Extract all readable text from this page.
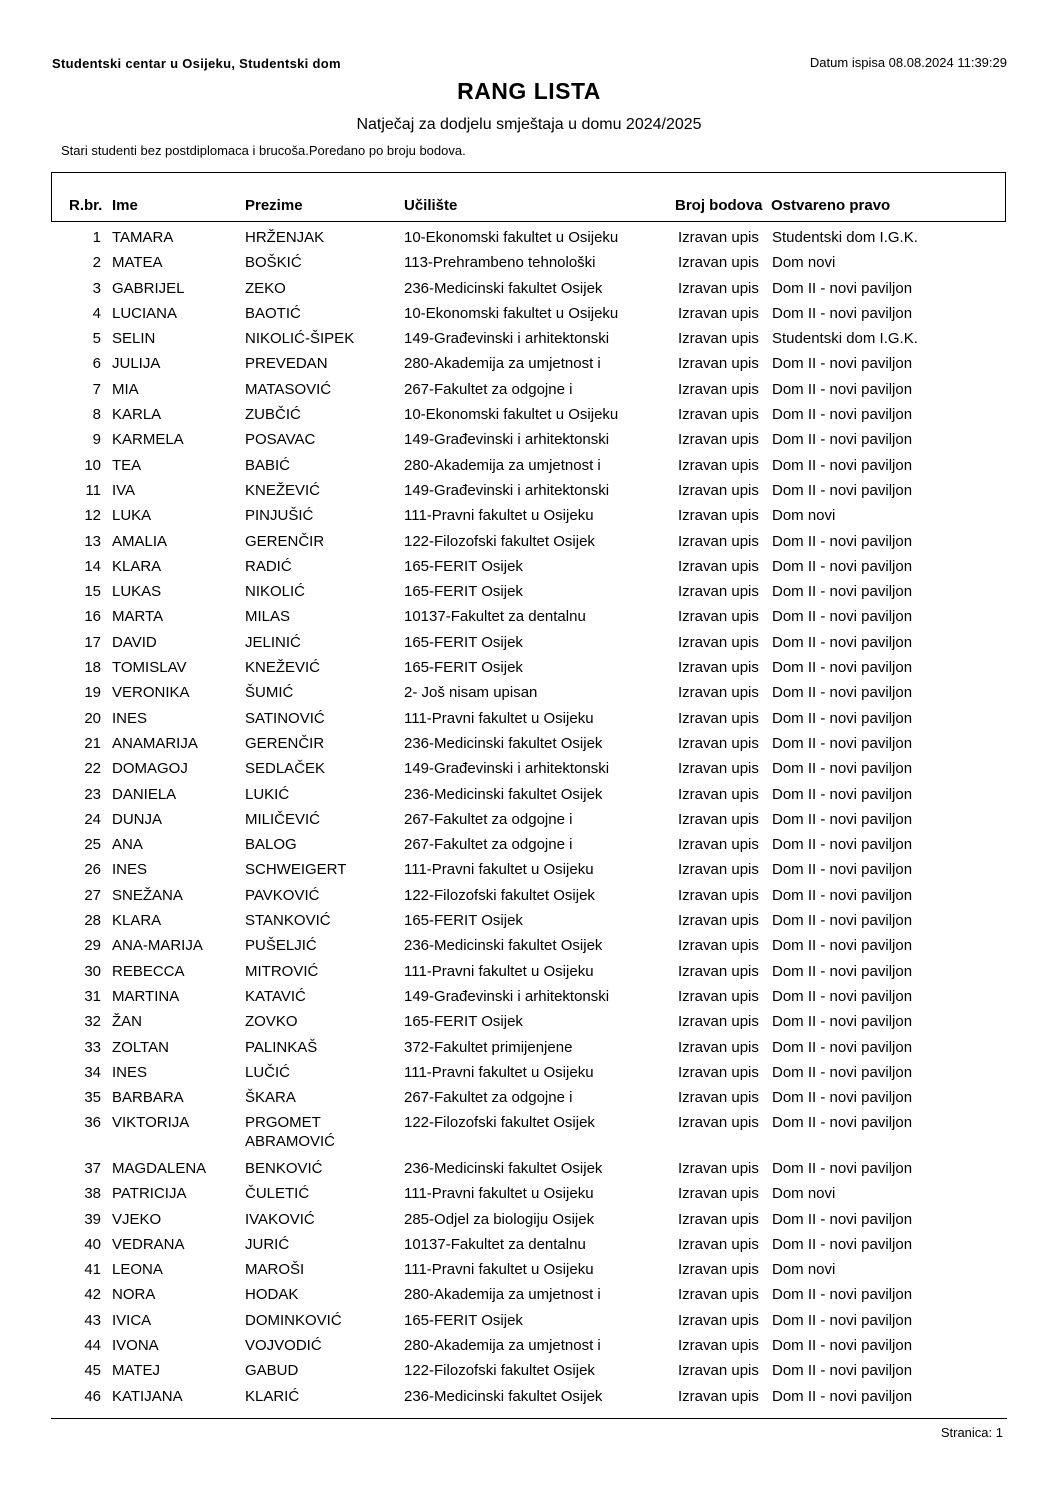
Studentski centar u Osijeku, Studentski dom	Datum ispisa 08.08.2024 11:39:29
RANG LISTA
Natječaj za dodjelu smještaja u domu 2024/2025
Stari studenti bez postdiplomaca i brucoša.Poredano po broju bodova.
R.br. Ime	Prezime	Učilište	Broj bodova Ostvareno pravo
1 TAMARA	HRŽENJAK	10-Ekonomski fakultet u Osijeku	Izravan upis Studentski dom I.G.K.
2 MATEA	BOŠKIĆ	113-Prehrambeno tehnološki	Izravan upis Dom novi
3 GABRIJEL	ZEKO	236-Medicinski fakultet Osijek	Izravan upis Dom II - novi paviljon
4 LUCIANA	BAOTIĆ	10-Ekonomski fakultet u Osijeku	Izravan upis Dom II - novi paviljon
5 SELIN	NIKOLIĆ-ŠIPEK	149-Građevinski i arhitektonski	Izravan upis Studentski dom I.G.K.
6 JULIJA	PREVEDAN	280-Akademija za umjetnost i	Izravan upis Dom II - novi paviljon
7 MIA	MATASOVIĆ	267-Fakultet za odgojne i	Izravan upis Dom II - novi paviljon
8 KARLA	ZUBČIĆ	10-Ekonomski fakultet u Osijeku	Izravan upis Dom II - novi paviljon
9 KARMELA	POSAVAC	149-Građevinski i arhitektonski	Izravan upis Dom II - novi paviljon
10 TEA	BABIĆ	280-Akademija za umjetnost i	Izravan upis Dom II - novi paviljon
11 IVA	KNEŽEVIĆ	149-Građevinski i arhitektonski	Izravan upis Dom II - novi paviljon
12 LUKA	PINJUŠIĆ	111-Pravni fakultet u Osijeku	Izravan upis Dom novi
13 AMALIA	GERENČIR	122-Filozofski fakultet Osijek	Izravan upis Dom II - novi paviljon
14 KLARA	RADIĆ	165-FERIT Osijek	Izravan upis Dom II - novi paviljon
15 LUKAS	NIKOLIĆ	165-FERIT Osijek	Izravan upis Dom II - novi paviljon
16 MARTA	MILAS	10137-Fakultet za dentalnu	Izravan upis Dom II - novi paviljon
17 DAVID	JELINIĆ	165-FERIT Osijek	Izravan upis Dom II - novi paviljon
18 TOMISLAV	KNEŽEVIĆ	165-FERIT Osijek	Izravan upis Dom II - novi paviljon
19 VERONIKA	ŠUMIĆ	2- Još nisam upisan	Izravan upis Dom II - novi paviljon
20 INES	SATINOVIĆ	111-Pravni fakultet u Osijeku	Izravan upis Dom II - novi paviljon
21 ANAMARIJA	GERENČIR	236-Medicinski fakultet Osijek	Izravan upis Dom II - novi paviljon
22 DOMAGOJ	SEDLAČEK	149-Građevinski i arhitektonski	Izravan upis Dom II - novi paviljon
23 DANIELA	LUKIĆ	236-Medicinski fakultet Osijek	Izravan upis Dom II - novi paviljon
24 DUNJA	MILIČEVIĆ	267-Fakultet za odgojne i	Izravan upis Dom II - novi paviljon
25 ANA	BALOG	267-Fakultet za odgojne i	Izravan upis Dom II - novi paviljon
26 INES	SCHWEIGERT	111-Pravni fakultet u Osijeku	Izravan upis Dom II - novi paviljon
27 SNEŽANA	PAVKOVIĆ	122-Filozofski fakultet Osijek	Izravan upis Dom II - novi paviljon
28 KLARA	STANKOVIĆ	165-FERIT Osijek	Izravan upis Dom II - novi paviljon
29 ANA-MARIJA	PUŠELJIĆ	236-Medicinski fakultet Osijek	Izravan upis Dom II - novi paviljon
30 REBECCA	MITROVIĆ	111-Pravni fakultet u Osijeku	Izravan upis Dom II - novi paviljon
31 MARTINA	KATAVIĆ	149-Građevinski i arhitektonski	Izravan upis Dom II - novi paviljon
32 ŽAN	ZOVKO	165-FERIT Osijek	Izravan upis Dom II - novi paviljon
33 ZOLTAN	PALINKAŠ	372-Fakultet primijenjene	Izravan upis Dom II - novi paviljon
34 INES	LUČIĆ	111-Pravni fakultet u Osijeku	Izravan upis Dom II - novi paviljon
35 BARBARA	ŠKARA	267-Fakultet za odgojne i	Izravan upis Dom II - novi paviljon
36 VIKTORIJA	PRGOMET ABRAMOVIĆ
122-Filozofski fakultet Osijek	Izravan upis Dom II - novi paviljon
37 MAGDALENA	BENKOVIĆ	236-Medicinski fakultet Osijek	Izravan upis Dom II - novi paviljon
38 PATRICIJA	ČULETIĆ	111-Pravni fakultet u Osijeku	Izravan upis Dom novi
39 VJEKO	IVAKOVIĆ	285-Odjel za biologiju Osijek	Izravan upis Dom II - novi paviljon
40 VEDRANA	JURIĆ	10137-Fakultet za dentalnu	Izravan upis Dom II - novi paviljon
41 LEONA	MAROŠI	111-Pravni fakultet u Osijeku	Izravan upis Dom novi
42 NORA	HODAK	280-Akademija za umjetnost i	Izravan upis Dom II - novi paviljon
43 IVICA	DOMINKOVIĆ	165-FERIT Osijek	Izravan upis Dom II - novi paviljon
44 IVONA	VOJVODIĆ	280-Akademija za umjetnost i	Izravan upis Dom II - novi paviljon
45 MATEJ	GABUD	122-Filozofski fakultet Osijek	Izravan upis Dom II - novi paviljon
46 KATIJANA	KLARIĆ	236-Medicinski fakultet Osijek	Izravan upis Dom II - novi paviljon
Stranica: 1
